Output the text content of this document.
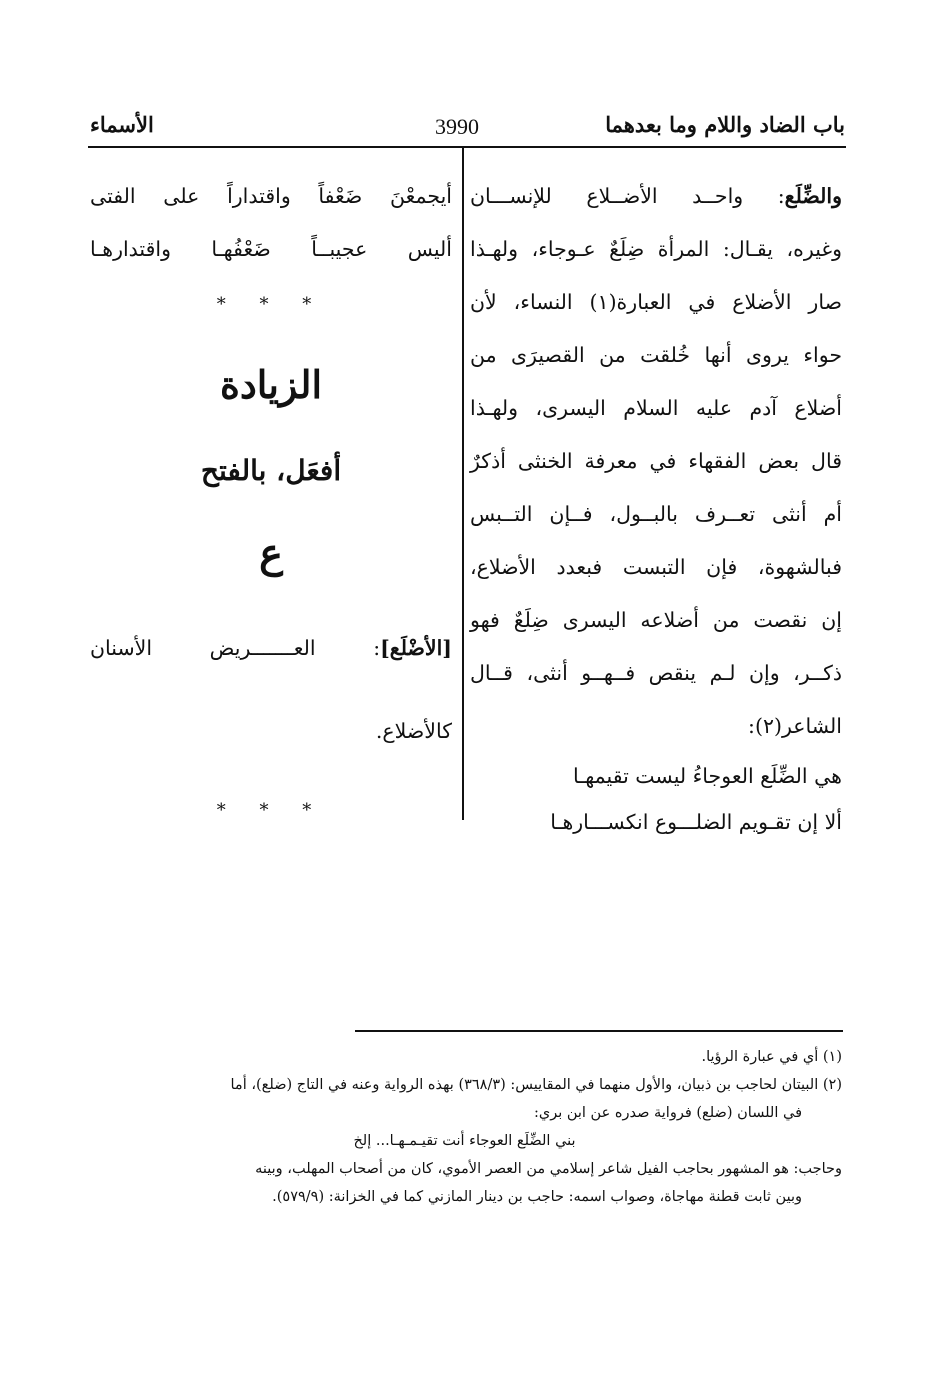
باب الضاد واللام وما بعدهما
3990
الأسماء
والضِّلَع: واحــد الأضــلاع للإنســـان
وغيره، يقـال: المرأة ضِلَعٌ عـوجاء، ولهـذا
صار الأضلاع في العبارة(١) النساء، لأن
حواء يروى أنها خُلقت من القصيرَى من
أضلاع آدم عليه السلام اليسرى، ولهـذا
قال بعض الفقهاء في معرفة الخنثى أذكرٌ
أم أنثى تعــرف بالبــول، فــإن التــبس
فبالشهوة، فإن التبست فبعدد الأضلاع،
إن نقصت من أضلاعه اليسرى ضِلَعٌ فهو
ذكــر، وإن لـم ينقص فــهــو أنثى، قــال
الشاعر(٢):
هي الضِّلَع العوجاءُ ليست تقيمهـا
ألا إن تقـويم الضلـــوع انكســـارهـا
أيجمعْنَ ضَعْفاً واقتداراً على الفتى
أليس عجيبــاً ضَعْفُهـا واقتدارهـا
* * *
الزيادة
أفعَل، بالفتح
ع
[الأضْلَع]: العـــــــريض الأسنان
كالأضلاع.
* * *
(١) أي في عبارة الرؤيا.
(٢) البيتان لحاجب بن ذبيان، والأول منهما في المقاييس: (٣٦٨/٣) بهذه الرواية وعنه في التاج (ضلع)، أما
في اللسان (ضلع) فرواية صدره عن ابن بري:
بني الضِّلَع العوجاء أنت تقيـمـهـا... إلخ
وحاجب: هو المشهور بحاجب الفيل شاعر إسلامي من العصر الأموي، كان من أصحاب المهلب، وبينه
وبين ثابت قطنة مهاجاة، وصواب اسمه: حاجب بن دينار المازني كما في الخزانة: (٥٧٩/٩).
